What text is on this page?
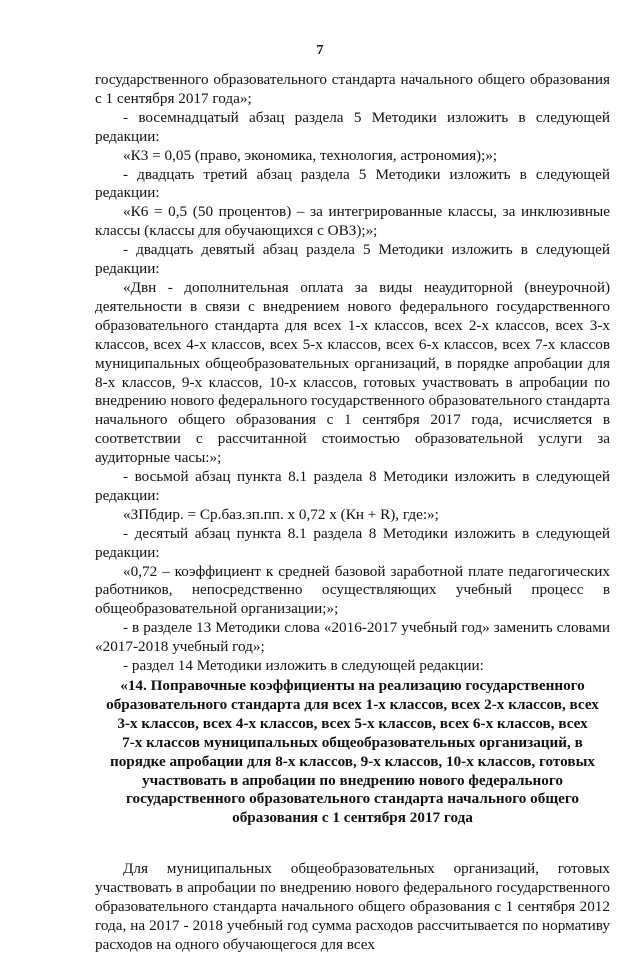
7

государственного образовательного стандарта начального общего образования с 1 сентября 2017 года»;

- восемнадцатый абзац раздела 5 Методики изложить в следующей редакции:

«К3 = 0,05 (право, экономика, технология, астрономия);»;

- двадцать третий абзац раздела 5 Методики изложить в следующей редакции:

«К6 = 0,5 (50 процентов) – за интегрированные классы, за инклюзивные классы (классы для обучающихся с ОВЗ);»;

- двадцать девятый абзац раздела 5 Методики изложить в следующей редакции:

«Двн - дополнительная оплата за виды неаудиторной (внеурочной) деятельности в связи с внедрением нового федерального государственного образовательного стандарта для всех 1-х классов, всех 2-х классов, всех 3-х классов, всех 4-х классов, всех 5-х классов, всех 6-х классов, всех 7-х классов муниципальных общеобразовательных организаций, в порядке апробации для 8-х классов, 9-х классов, 10-х классов, готовых участвовать в апробации по внедрению нового федерального государственного образовательного стандарта начального общего образования с 1 сентября 2017 года, исчисляется в соответствии с рассчитанной стоимостью образовательной услуги за аудиторные часы:»;

- восьмой абзац пункта 8.1 раздела 8 Методики изложить в следующей редакции:

«ЗПбдир. = Ср.баз.зп.пп. х 0,72 х (Кн + R), где:»;

- десятый абзац пункта 8.1 раздела 8 Методики изложить в следующей редакции:

«0,72 – коэффициент к средней базовой заработной плате педагогических работников, непосредственно осуществляющих учебный процесс в общеобразовательной организации;»;

- в разделе 13 Методики слова «2016-2017 учебный год» заменить словами «2017-2018 учебный год»;

- раздел 14 Методики изложить в следующей редакции:

«14. Поправочные коэффициенты на реализацию государственного
образовательного стандарта для всех 1-х классов, всех 2-х классов, всех
3-х классов, всех 4-х классов, всех 5-х классов, всех 6-х классов, всех
7-х классов муниципальных общеобразовательных организаций, в
порядке апробации для 8-х классов, 9-х классов, 10-х классов, готовых
участвовать в апробации по внедрению нового федерального
государственного образовательного стандарта начального общего
образования с 1 сентября 2017 года

Для муниципальных общеобразовательных организаций, готовых участвовать в апробации по внедрению нового федерального государственного образовательного стандарта начального общего образования с 1 сентября 2012 года, на 2017 - 2018 учебный год сумма расходов рассчитывается по нормативу расходов на одного обучающегося для всех
